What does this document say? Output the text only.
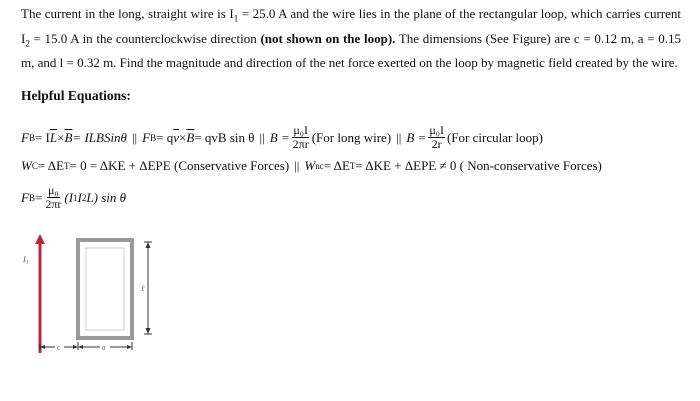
The current in the long, straight wire is $I_1 = 25.0$ A and the wire lies in the plane of the rectangular loop, which carries current $I_2 = 15.0$ A in the counterclockwise direction (not shown on the loop). The dimensions (See Figure) are c = 0.12 m, a = 0.15 m, and l = 0.32 m. Find the magnitude and direction of the net force exerted on the loop by magnetic field created by the wire.
Helpful Equations:
F B = I $\overline{L} \times \overline{B}$ = ILBSinθ || F B = q $\overline{v} \times \overline{B}$ = qvB sin θ || $B = \frac{\text{μ₀I}}{2\pi r} (For$ long wire) || $B = \frac{\text{μ₀I}}{2r} (For$ circular loop)
W C = ΔE T = 0 = ΔKE + ΔEPE
(Conservative Forces) || W nc = ΔE T = ΔKE + ΔEPE ≠ 0
( Non-conservative Forces)
F $B = \frac{\text{μ₀}}{2\pi r} (I$ 1 I 2 L) sin θ
I₁
ℓ
c	a
